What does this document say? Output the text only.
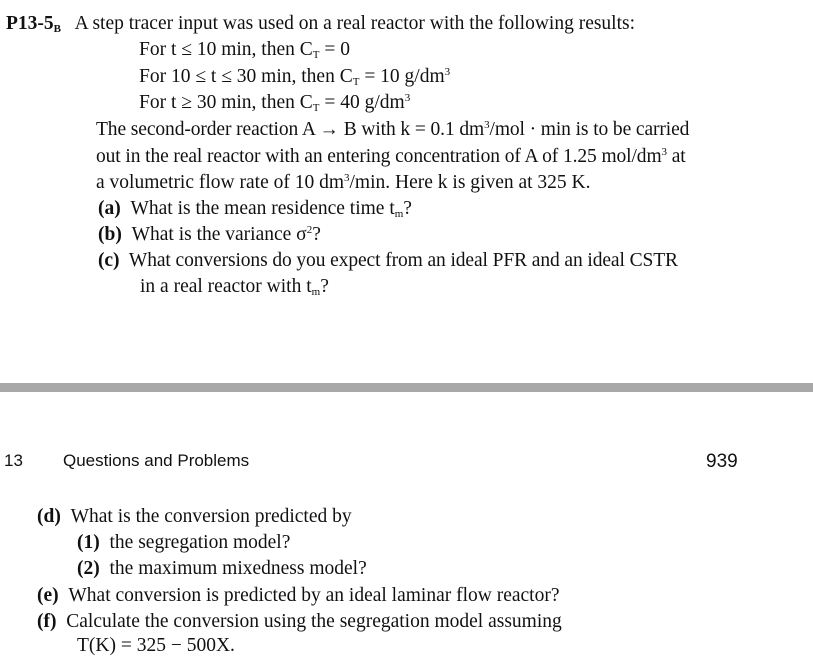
$P13-5_B$ A step tracer input was used on a real reactor with the following results:
For t ≤ 10 min, then $C_T = 0$
For 10 ≤ t ≤ 30 min, then $C_T = 10$ $g/dm^3$
For t ≥ 30 min, then $C_T = 40$ $g/dm^3$
The second-order reaction A → B with k = 0.1 $dm^3$/mol · min is to be carried
out in the real reactor with an entering concentration of A of 1.25 mol/$dm^3$ at
a volumetric flow rate of 10 $dm^3/\min$. Here k is given at 325 K.
(a) What is the mean residence time $t_m$?
(b) What is the variance $\sigma^2$?
(c) What conversions do you expect from an ideal PFR and an ideal CSTR
in a real reactor with $t_m$?
13 Questions and Problems	939
(d) What is the conversion predicted by
(1) the segregation model?
(2) the maximum mixedness model?
(e) What conversion is predicted by an ideal laminar flow reactor?
(f) Calculate the conversion using the segregation model assuming
T(K) = 325 − 500X.
